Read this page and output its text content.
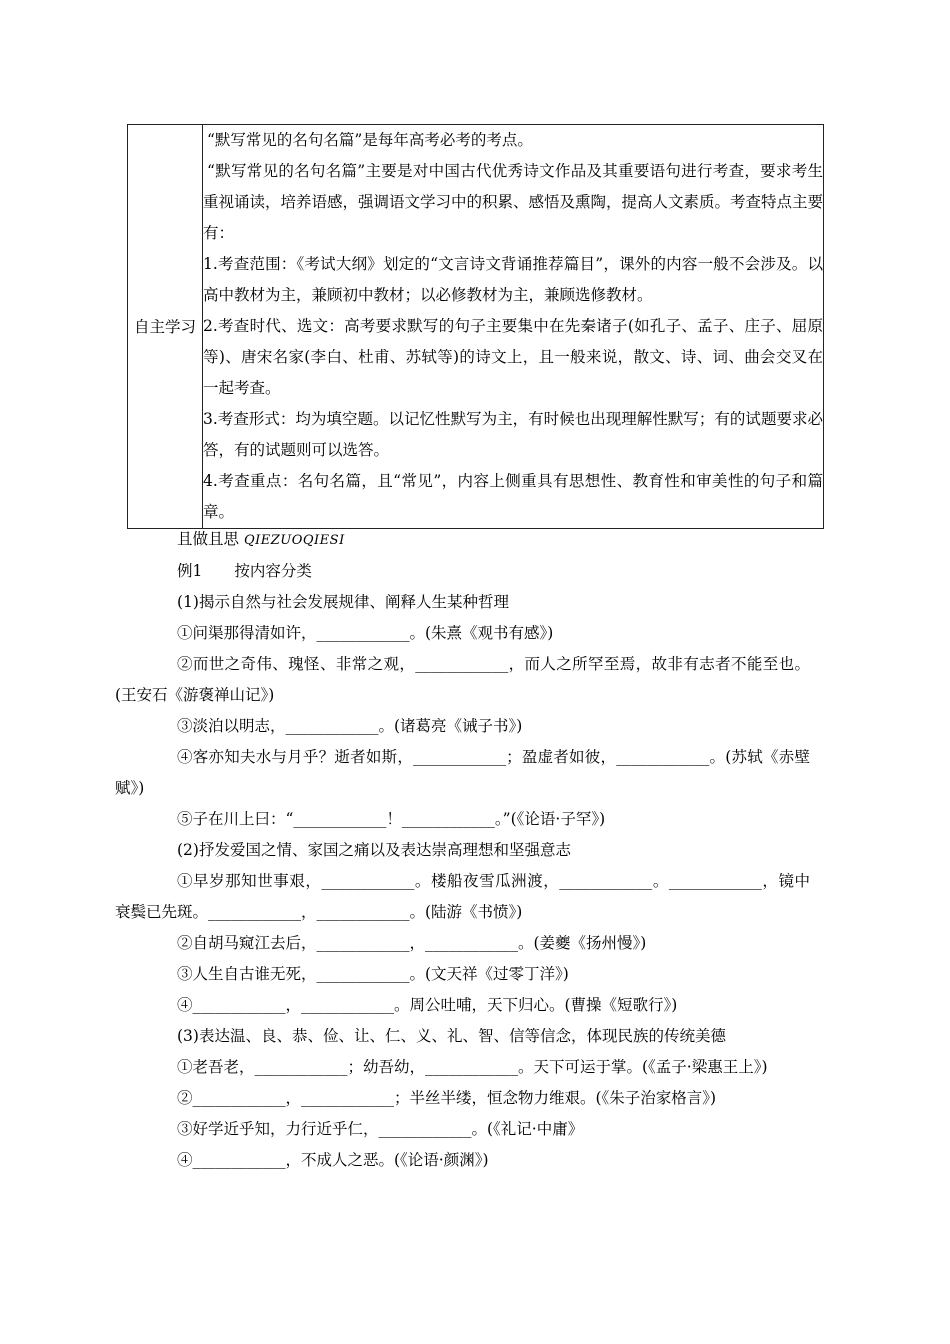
自主学习	

“默写常见的名句名篇”是每年高考必考的考点。

“默写常见的名句名篇”主要是对中国古代优秀诗文作品及其重要语句进行考查，要求考生重视诵读，培养语感，强调语文学习中的积累、感悟及熏陶，提高人文素质。考查特点主要有：

1.考查范围：《考试大纲》划定的“文言诗文背诵推荐篇目”，课外的内容一般不会涉及。以高中教材为主，兼顾初中教材；以必修教材为主，兼顾选修教材。

2.考查时代、选文：高考要求默写的句子主要集中在先秦诸子(如孔子、孟子、庄子、屈原等)、唐宋名家(李白、杜甫、苏轼等)的诗文上，且一般来说，散文、诗、词、曲会交叉在一起考查。

3.考查形式：均为填空题。以记忆性默写为主，有时候也出现理解性默写；有的试题要求必答，有的试题则可以选答。

4.考查重点：名句名篇，且“常见”，内容上侧重具有思想性、教育性和审美性的句子和篇章。

且做且思 QIEZUOQIESI

例1 按内容分类

(1)揭示自然与社会发展规律、阐释人生某种哲理

①问渠那得清如许，____________。(朱熹《观书有感》)

②而世之奇伟、瑰怪、非常之观，____________，而人之所罕至焉，故非有志者不能至也。(王安石《游褒禅山记》)

③淡泊以明志，____________。(诸葛亮《诫子书》)

④客亦知夫水与月乎？逝者如斯，____________；盈虚者如彼，____________。(苏轼《赤壁赋》)

⑤子在川上曰：“____________！____________。”(《论语·子罕》)

(2)抒发爱国之情、家国之痛以及表达崇高理想和坚强意志

①早岁那知世事艰，____________。楼船夜雪瓜洲渡，____________。____________，镜中衰鬓已先斑。____________，____________。(陆游《书愤》)

②自胡马窥江去后，____________，____________。(姜夔《扬州慢》)

③人生自古谁无死，____________。(文天祥《过零丁洋》)

④____________，____________。周公吐哺，天下归心。(曹操《短歌行》)

(3)表达温、良、恭、俭、让、仁、义、礼、智、信等信念，体现民族的传统美德

①老吾老，____________；幼吾幼，____________。天下可运于掌。(《孟子·梁惠王上》)

②____________，____________；半丝半缕，恒念物力维艰。(《朱子治家格言》)

③好学近乎知，力行近乎仁，____________。(《礼记·中庸》

④____________，不成人之恶。(《论语·颜渊》)
